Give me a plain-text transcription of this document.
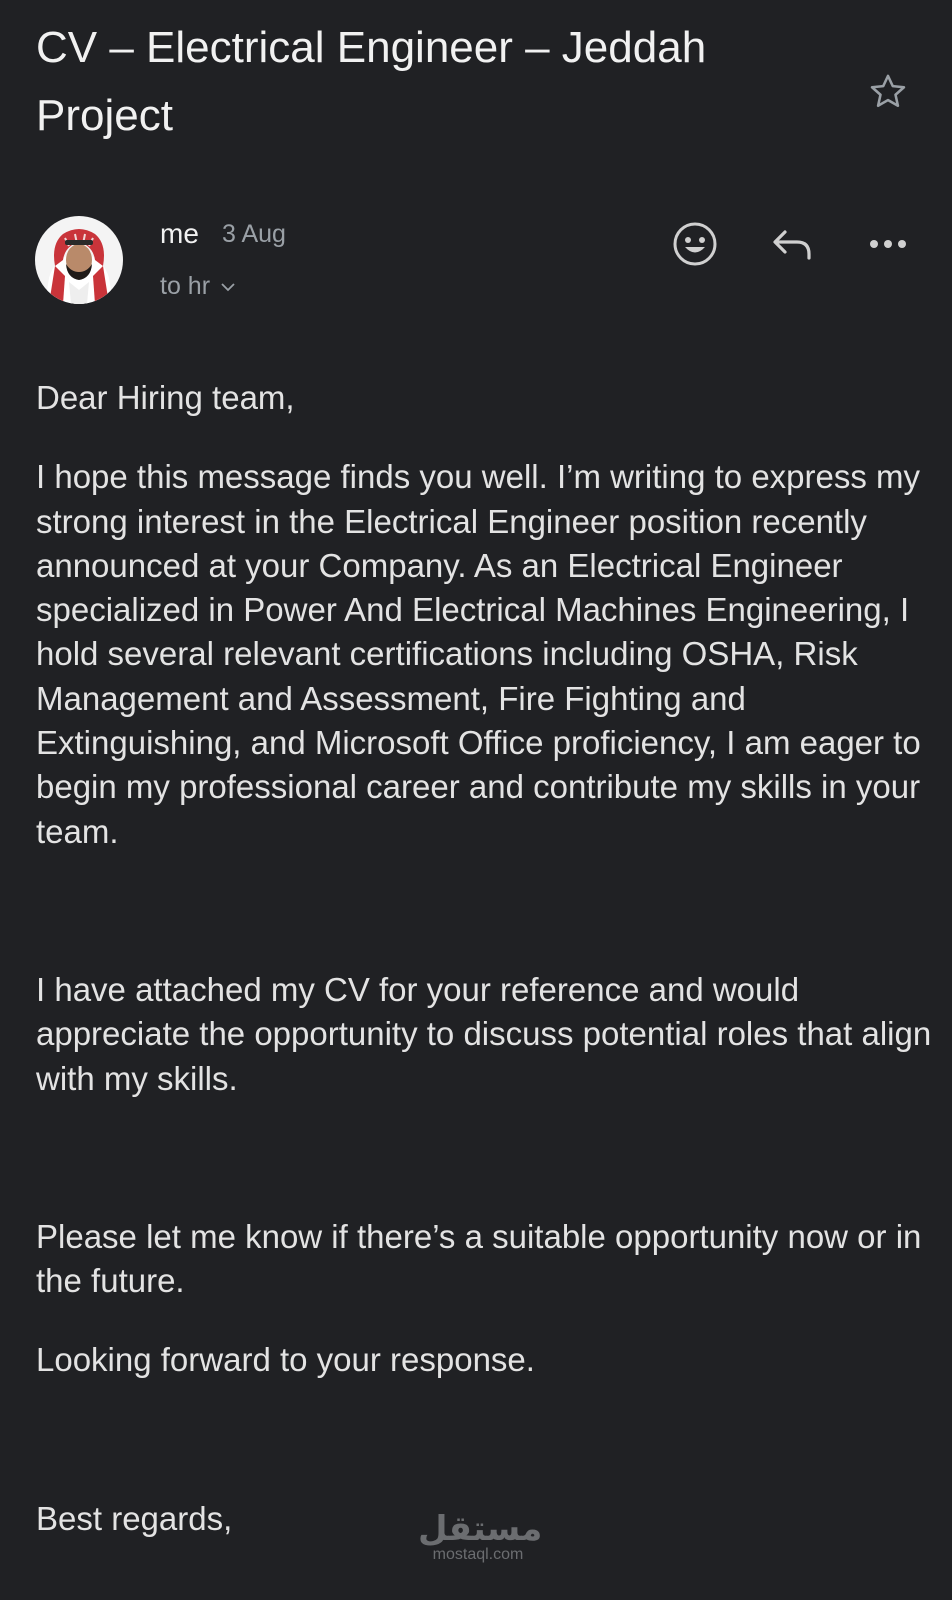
CV – Electrical Engineer – Jeddah Project
me 3 Aug
to hr

Dear Hiring team,

I hope this message finds you well. I’m writing to express my strong interest in the Electrical Engineer position recently announced at your Company. As an Electrical Engineer specialized in Power And Electrical Machines Engineering, I hold several relevant certifications including OSHA, Risk Management and Assessment, Fire Fighting and Extinguishing, and Microsoft Office proficiency, I am eager to begin my professional career and contribute my skills in your team.

I have attached my CV for your reference and would appreciate the opportunity to discuss potential roles that align with my skills.

Please let me know if there’s a suitable opportunity now or in the future.

Looking forward to your response.

Best regards,	مستقل
mostaql.com
